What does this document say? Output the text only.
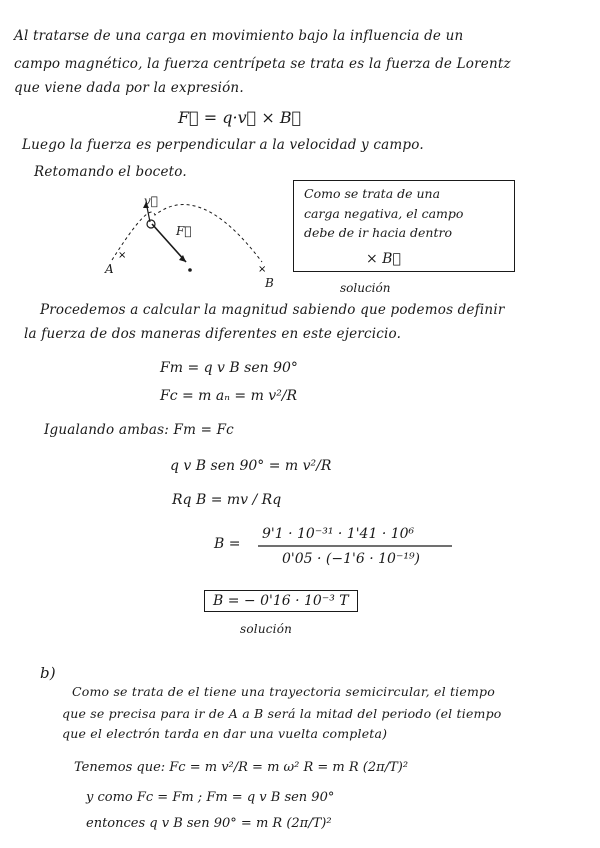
Al tratarse de una carga en movimiento bajo la influencia de un
campo magnético, la fuerza centrípeta se trata es la fuerza de Lorentz
que viene dada por la expresión.
F⃗ = q·v⃗ × B⃗
Luego la fuerza es perpendicular a la velocidad y campo.
Retomando el boceto.
×
×
v⃗
F⃗
A
B
Como se trata de una
carga negativa, el campo
debe de ir hacia dentro
× B⃗
solución
Procedemos a calcular la magnitud sabiendo que podemos definir
la fuerza de dos maneras diferentes en este ejercicio.
Fm = q v B sen 90°
Fc = m aₙ = m v²/R
Igualando ambas: Fm = Fc
q v B sen 90° = m v²/R
Rq B = mv / Rq
B =
9'1 · 10⁻³¹ · 1'41 · 10⁶
0'05 · (−1'6 · 10⁻¹⁹)
B = − 0'16 · 10⁻³ T
solución
b)
Como se trata de el tiene una trayectoria semicircular, el tiempo
que se precisa para ir de A a B será la mitad del periodo (el tiempo
que el electrón tarda en dar una vuelta completa)
Tenemos que: Fc = m v²/R = m ω² R = m R (2π/T)²
y como Fc = Fm ; Fm = q v B sen 90°
entonces q v B sen 90° = m R (2π/T)²
